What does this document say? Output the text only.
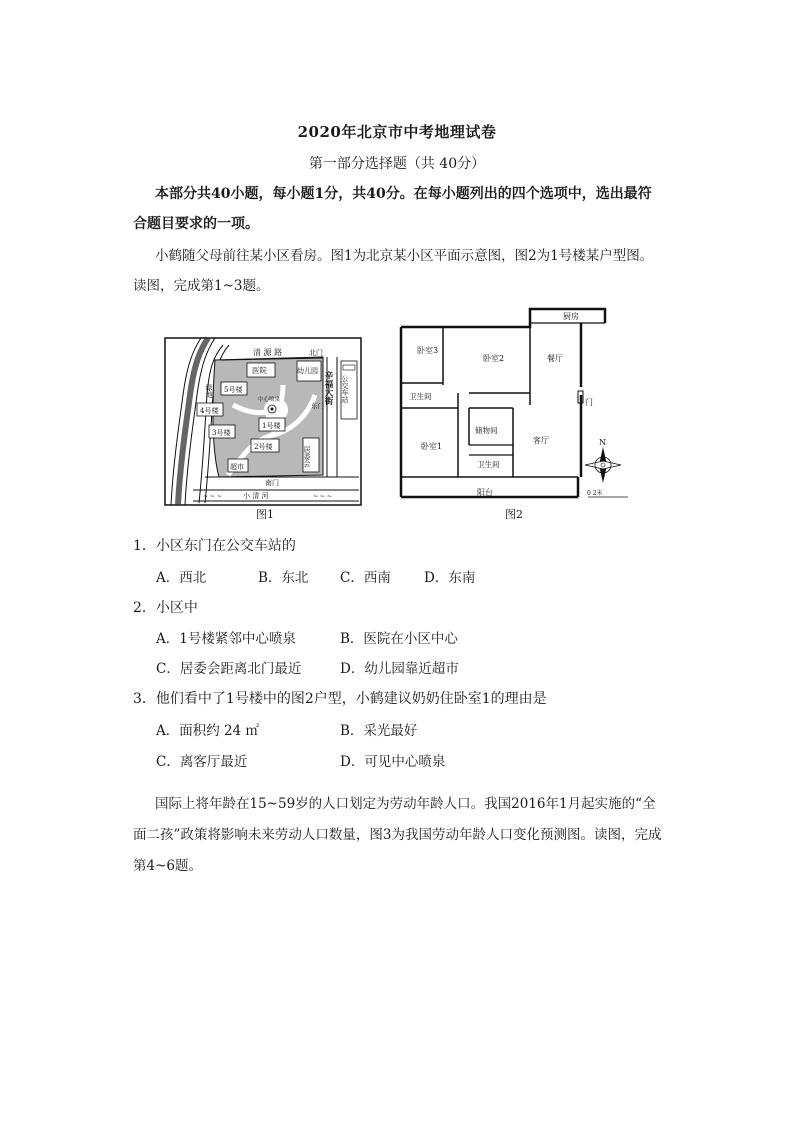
2020年北京市中考地理试卷
第一部分选择题（共 40分）
本部分共40小题，每小题1分，共40分。在每小题列出的四个选项中，选出最符合题目要求的一项。
小鹤随父母前往某小区看房。图1为北京某小区平面示意图，图2为1号楼某户型图。读图，完成第1~3题。
清 源 路	北门
医院	幼儿园
5号楼
4号楼
3号楼
2号楼
1号楼
中心喷泉
绿地
超市	居委会
东门
辛福大街 公交车站
南门
小 清 河
~ ~ ~	~ ~ ~
图1
厨房
卧室3
卧室2	餐厅
卫生间
门
卧室1
储物间
客厅
卫生间
阳台
N
0 2米
图2
1．小区东门在公交车站的
A．西北	B．东北 C．西南 D．东南
2．小区中
A．1号楼紧邻中心喷泉	B．医院在小区中心
C．居委会距离北门最近	D．幼儿园靠近超市
3．他们看中了1号楼中的图2户型，小鹤建议奶奶住卧室1的理由是
A．面积约 24 ㎡	B．采光最好
C．离客厅最近	D．可见中心喷泉
国际上将年龄在15~59岁的人口划定为劳动年龄人口。我国2016年1月起实施的“全面二孩”政策将影响未来劳动人口数量，图3为我国劳动年龄人口变化预测图。读图，完成第4~6题。
